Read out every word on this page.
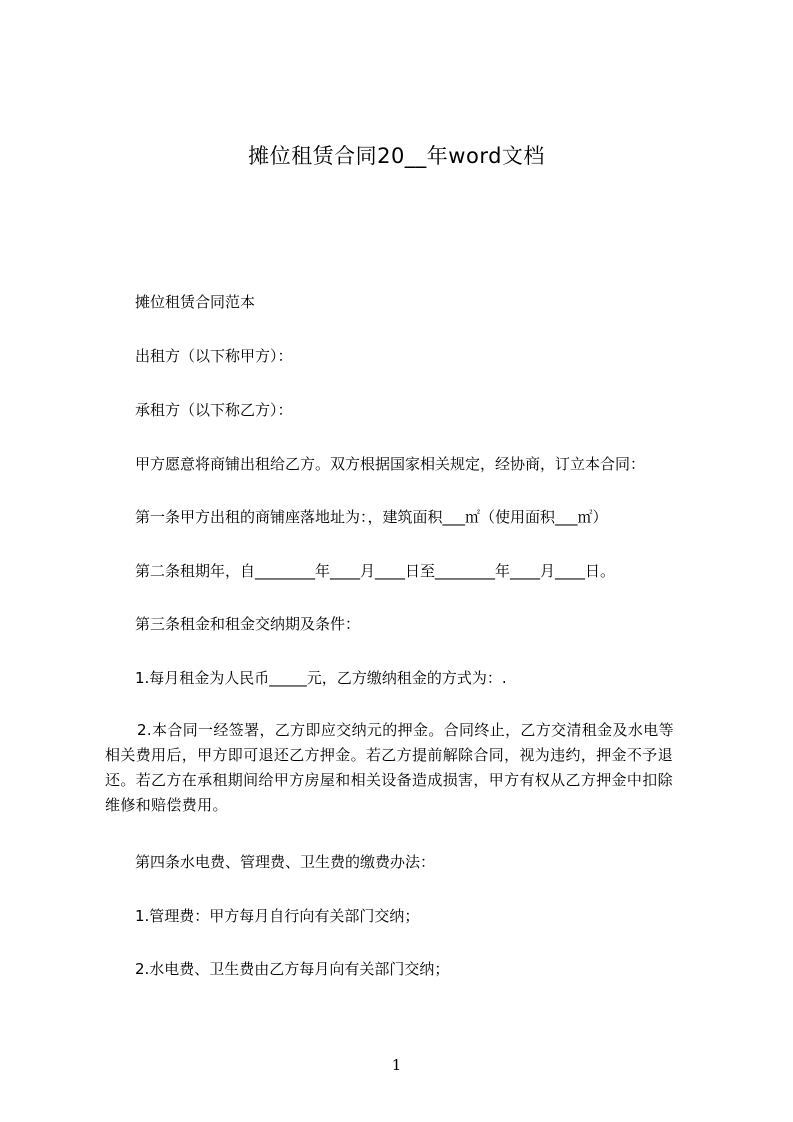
摊位租赁合同20__年word文档
摊位租赁合同范本
出租方（以下称甲方）：
承租方（以下称乙方）：
甲方愿意将商铺出租给乙方。双方根据国家相关规定，经协商，订立本合同：
第一条甲方出租的商铺座落地址为：，建筑面积___㎡（使用面积___㎡）
第二条租期年，自________年____月____日至________年____月____日。
第三条租金和租金交纳期及条件：
1.每月租金为人民币_____元，乙方缴纳租金的方式为：.
2.本合同一经签署，乙方即应交纳元的押金。合同终止，乙方交清租金及水电等相关费用后，甲方即可退还乙方押金。若乙方提前解除合同，视为违约，押金不予退还。若乙方在承租期间给甲方房屋和相关设备造成损害，甲方有权从乙方押金中扣除维修和赔偿费用。
第四条水电费、管理费、卫生费的缴费办法：
1.管理费：甲方每月自行向有关部门交纳；
2.水电费、卫生费由乙方每月向有关部门交纳；
1
